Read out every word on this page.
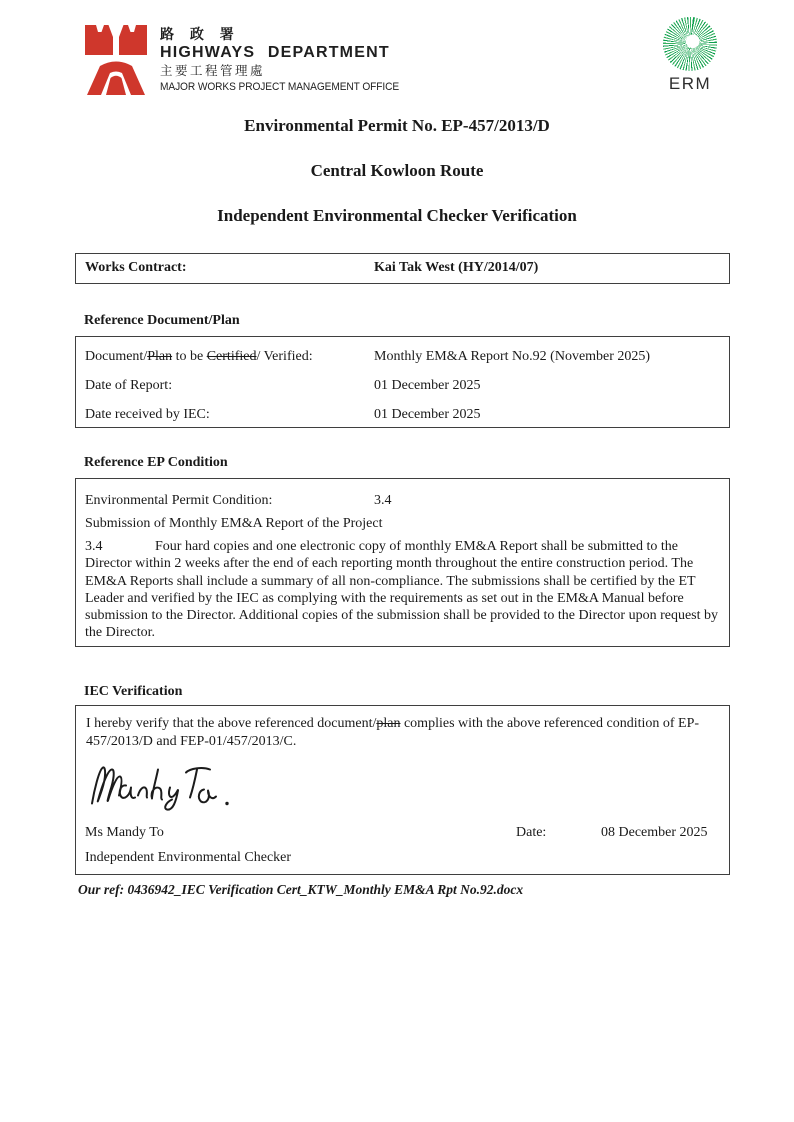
路 政 署
HIGHWAYS DEPARTMENT
主要工程管理處
MAJOR WORKS PROJECT MANAGEMENT OFFICE	ERM
Environmental Permit No. EP-457/2013/D
Central Kowloon Route
Independent Environmental Checker Verification
Works Contract:	Kai Tak West (HY/2014/07)
Reference Document/Plan
Document/Plan to be Certified/ Verified:	Monthly EM&A Report No.92 (November 2025)
Date of Report:	01 December 2025
Date received by IEC:	01 December 2025
Reference EP Condition
Environmental Permit Condition:	3.4
Submission of Monthly EM&A Report of the Project
3.4	Four hard copies and one electronic copy of monthly EM&A Report shall be submitted to the Director within 2 weeks after the end of each reporting month throughout the entire construction period. The EM&A Reports shall include a summary of all non-compliance. The submissions shall be certified by the ET Leader and verified by the IEC as complying with the requirements as set out in the EM&A Manual before submission to the Director. Additional copies of the submission shall be provided to the Director upon request by the Director.
IEC Verification
I hereby verify that the above referenced document/plan complies with the above referenced condition of EP-457/2013/D and FEP-01/457/2013/C.
Ms Mandy To	Date:	08 December 2025
Independent Environmental Checker
Our ref: 0436942_IEC Verification Cert_KTW_Monthly EM&A Rpt No.92.docx
